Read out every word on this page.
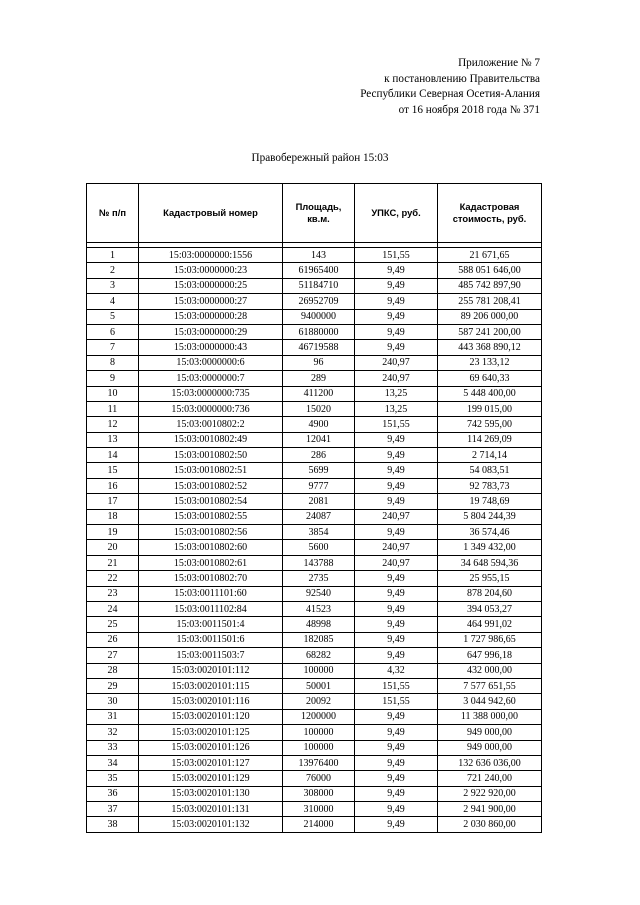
Приложение № 7
к постановлению Правительства
Республики Северная Осетия-Алания
от 16 ноября 2018 года № 371
Правобережный район 15:03
№ п/п	Кадастровый номер	Площадь, кв.м.	УПКС, руб.	Кадастровая стоимость, руб.

1	15:03:0000000:1556	143	151,55	21 671,65
2	15:03:0000000:23	61965400	9,49	588 051 646,00
3	15:03:0000000:25	51184710	9,49	485 742 897,90
4	15:03:0000000:27	26952709	9,49	255 781 208,41
5	15:03:0000000:28	9400000	9,49	89 206 000,00
6	15:03:0000000:29	61880000	9,49	587 241 200,00
7	15:03:0000000:43	46719588	9,49	443 368 890,12
8	15:03:0000000:6	96	240,97	23 133,12
9	15:03:0000000:7	289	240,97	69 640,33
10	15:03:0000000:735	411200	13,25	5 448 400,00
11	15:03:0000000:736	15020	13,25	199 015,00
12	15:03:0010802:2	4900	151,55	742 595,00
13	15:03:0010802:49	12041	9,49	114 269,09
14	15:03:0010802:50	286	9,49	2 714,14
15	15:03:0010802:51	5699	9,49	54 083,51
16	15:03:0010802:52	9777	9,49	92 783,73
17	15:03:0010802:54	2081	9,49	19 748,69
18	15:03:0010802:55	24087	240,97	5 804 244,39
19	15:03:0010802:56	3854	9,49	36 574,46
20	15:03:0010802:60	5600	240,97	1 349 432,00
21	15:03:0010802:61	143788	240,97	34 648 594,36
22	15:03:0010802:70	2735	9,49	25 955,15
23	15:03:0011101:60	92540	9,49	878 204,60
24	15:03:0011102:84	41523	9,49	394 053,27
25	15:03:0011501:4	48998	9,49	464 991,02
26	15:03:0011501:6	182085	9,49	1 727 986,65
27	15:03:0011503:7	68282	9,49	647 996,18
28	15:03:0020101:112	100000	4,32	432 000,00
29	15:03:0020101:115	50001	151,55	7 577 651,55
30	15:03:0020101:116	20092	151,55	3 044 942,60
31	15:03:0020101:120	1200000	9,49	11 388 000,00
32	15:03:0020101:125	100000	9,49	949 000,00
33	15:03:0020101:126	100000	9,49	949 000,00
34	15:03:0020101:127	13976400	9,49	132 636 036,00
35	15:03:0020101:129	76000	9,49	721 240,00
36	15:03:0020101:130	308000	9,49	2 922 920,00
37	15:03:0020101:131	310000	9,49	2 941 900,00
38	15:03:0020101:132	214000	9,49	2 030 860,00
